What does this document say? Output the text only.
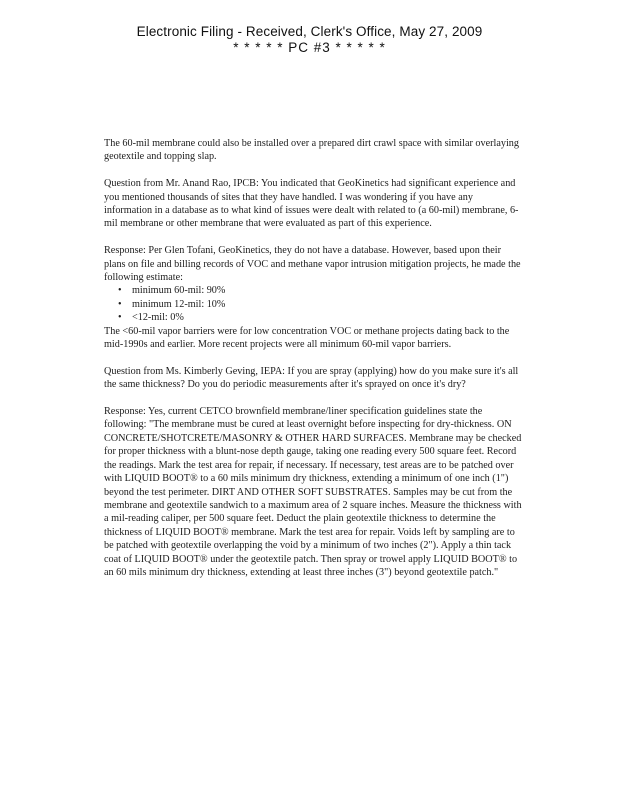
Electronic Filing - Received, Clerk's Office, May 27, 2009
* * * * * PC #3 * * * * *

The 60-mil membrane could also be installed over a prepared dirt crawl space with similar overlaying geotextile and topping slap.

Question from Mr. Anand Rao, IPCB: You indicated that GeoKinetics had significant experience and you mentioned thousands of sites that they have handled. I was wondering if you have any information in a database as to what kind of issues were dealt with related to (a 60-mil) membrane, 6-mil membrane or other membrane that were evaluated as part of this experience.

Response: Per Glen Tofani, GeoKinetics, they do not have a database. However, based upon their plans on file and billing records of VOC and methane vapor intrusion mitigation projects, he made the following estimate:

• minimum 60-mil: 90%
• minimum 12-mil: 10%
• <12-mil: 0%

The <60-mil vapor barriers were for low concentration VOC or methane projects dating back to the mid-1990s and earlier. More recent projects were all minimum 60-mil vapor barriers.

Question from Ms. Kimberly Geving, IEPA: If you are spray (applying) how do you make sure it's all the same thickness? Do you do periodic measurements after it's sprayed on once it's dry?

Response: Yes, current CETCO brownfield membrane/liner specification guidelines state the following: "The membrane must be cured at least overnight before inspecting for dry-thickness. ON CONCRETE/SHOTCRETE/MASONRY & OTHER HARD SURFACES. Membrane may be checked for proper thickness with a blunt-nose depth gauge, taking one reading every 500 square feet. Record the readings. Mark the test area for repair, if necessary. If necessary, test areas are to be patched over with LIQUID BOOT® to a 60 mils minimum dry thickness, extending a minimum of one inch (1") beyond the test perimeter. DIRT AND OTHER SOFT SUBSTRATES. Samples may be cut from the membrane and geotextile sandwich to a maximum area of 2 square inches. Measure the thickness with a mil-reading caliper, per 500 square feet. Deduct the plain geotextile thickness to determine the thickness of LIQUID BOOT® membrane. Mark the test area for repair. Voids left by sampling are to be patched with geotextile overlapping the void by a minimum of two inches (2"). Apply a thin tack coat of LIQUID BOOT® under the geotextile patch. Then spray or trowel apply LIQUID BOOT® to an 60 mils minimum dry thickness, extending at least three inches (3") beyond geotextile patch."
